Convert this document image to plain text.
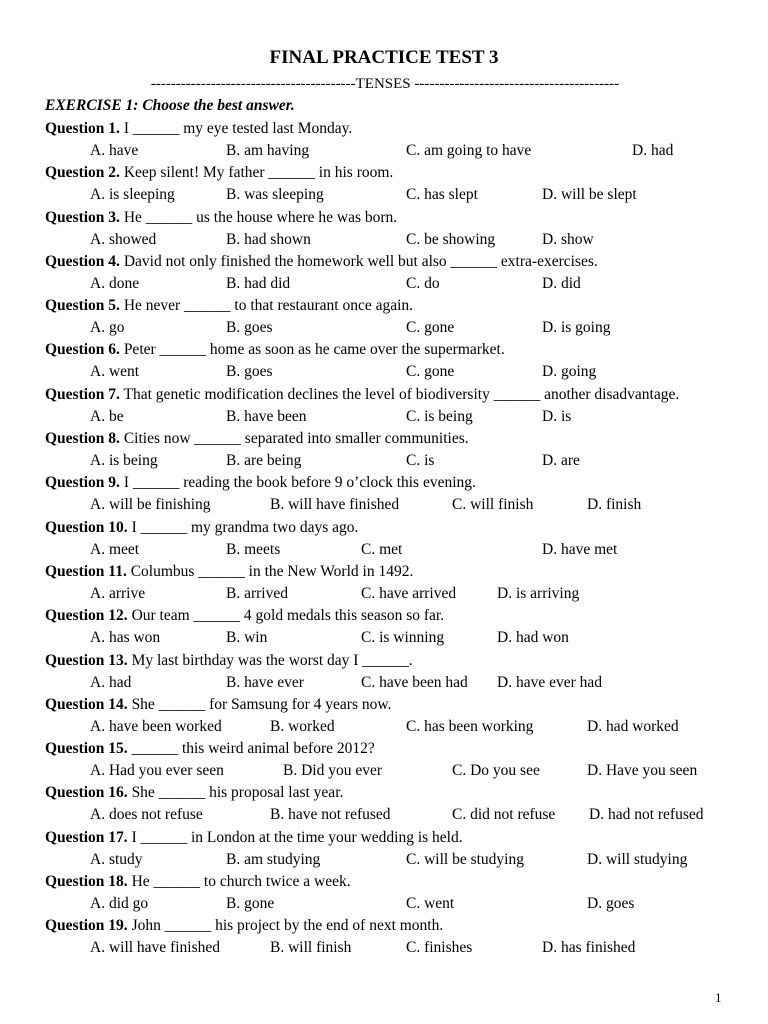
FINAL PRACTICE TEST 3
-----------------------------------------TENSES -----------------------------------------
EXERCISE 1: Choose the best answer.
Question 1. I ______ my eye tested last Monday.
A. have	B. am having	C. am going to have	D. had
Question 2. Keep silent! My father ______ in his room.
A. is sleeping	B. was sleeping	C. has slept	D. will be slept
Question 3. He ______ us the house where he was born.
A. showed	B. had shown	C. be showing	D. show
Question 4. David not only finished the homework well but also ______ extra-exercises.
A. done	B. had did	C. do	D. did
Question 5. He never ______ to that restaurant once again.
A. go	B. goes	C. gone	D. is going
Question 6. Peter ______ home as soon as he came over the supermarket.
A. went	B. goes	C. gone	D. going
Question 7. That genetic modification declines the level of biodiversity ______ another disadvantage.
A. be	B. have been	C. is being	D. is
Question 8. Cities now ______ separated into smaller communities.
A. is being	B. are being	C. is	D. are
Question 9. I ______ reading the book before 9 o’clock this evening.
A. will be finishing	B. will have finished	C. will finish	D. finish
Question 10. I ______ my grandma two days ago.
A. meet	B. meets	C. met	D. have met
Question 11. Columbus ______ in the New World in 1492.
A. arrive	B. arrived	C. have arrived	D. is arriving
Question 12. Our team ______ 4 gold medals this season so far.
A. has won	B. win	C. is winning	D. had won
Question 13. My last birthday was the worst day I ______.
A. had	B. have ever	C. have been had D. have ever had
Question 14. She ______ for Samsung for 4 years now.
A. have been worked	B. worked	C. has been working	D. had worked
Question 15. ______ this weird animal before 2012?
A. Had you ever seen	B. Did you ever	C. Do you see	D. Have you seen
Question 16. She ______ his proposal last year.
A. does not refuse	B. have not refused	C. did not refuse D. had not refused
Question 17. I ______ in London at the time your wedding is held.
A. study	B. am studying	C. will be studying	D. will studying
Question 18. He ______ to church twice a week.
A. did go	B. gone	C. went	D. goes
Question 19. John ______ his project by the end of next month.
A. will have finished	B. will finish	C. finishes	D. has finished
1
